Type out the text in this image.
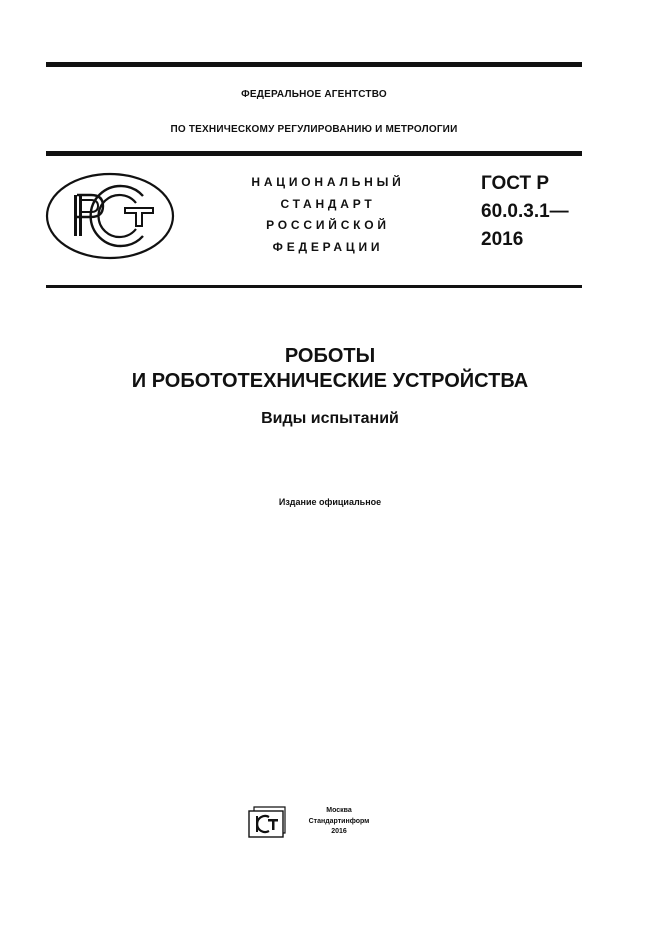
ФЕДЕРАЛЬНОЕ АГЕНТСТВО
ПО ТЕХНИЧЕСКОМУ РЕГУЛИРОВАНИЮ И МЕТРОЛОГИИ
НАЦИОНАЛЬНЫЙ
СТАНДАРТ
РОССИЙСКОЙ
ФЕДЕРАЦИИ
ГОСТ Р
60.0.3.1—
2016
РОБОТЫ
И РОБОТОТЕХНИЧЕСКИЕ УСТРОЙСТВА
Виды испытаний
Издание официальное
Москва
Стандартинформ
2016
